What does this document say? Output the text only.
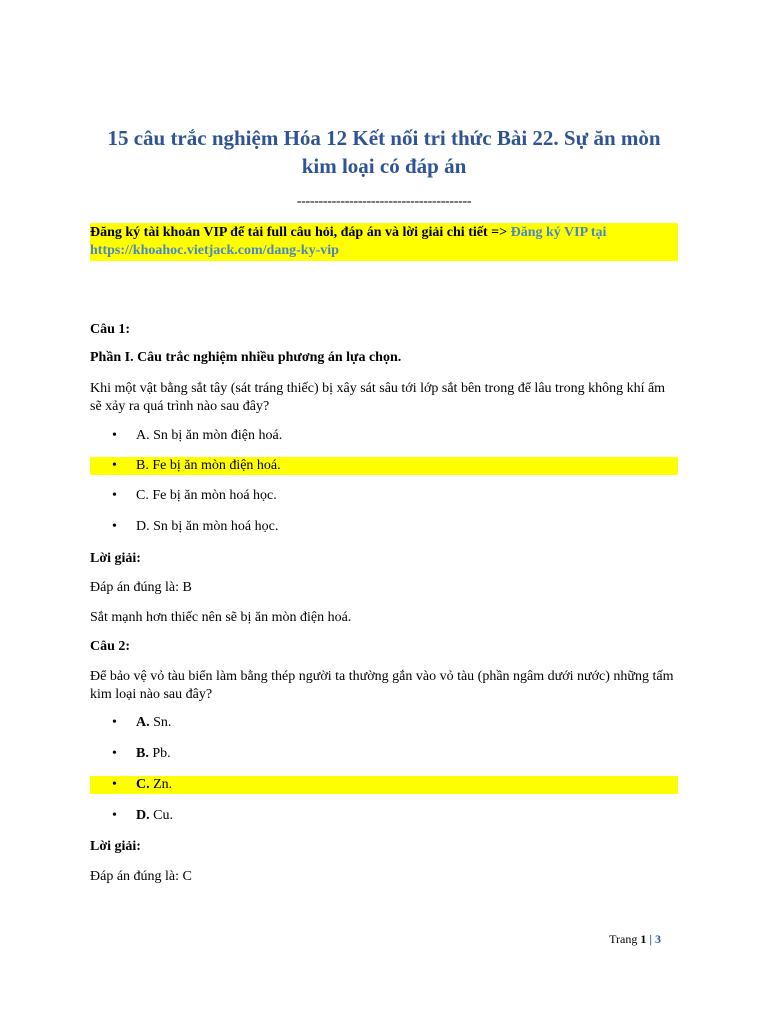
15 câu trắc nghiệm Hóa 12 Kết nối tri thức Bài 22. Sự ăn mòn kim loại có đáp án
----------------------------------------
Đăng ký tài khoản VIP để tải full câu hỏi, đáp án và lời giải chi tiết => Đăng ký VIP tại https://khoahoc.vietjack.com/dang-ky-vip
Câu 1:
Phần I. Câu trắc nghiệm nhiều phương án lựa chọn.
Khi một vật bằng sắt tây (sát tráng thiếc) bị xây sát sâu tới lớp sắt bên trong để lâu trong không khí ẩm sẽ xảy ra quá trình nào sau đây?
• A. Sn bị ăn mòn điện hoá.
• B. Fe bị ăn mòn điện hoá.
• C. Fe bị ăn mòn hoá học.
• D. Sn bị ăn mòn hoá học.
Lời giải:
Đáp án đúng là: B
Sắt mạnh hơn thiếc nên sẽ bị ăn mòn điện hoá.
Câu 2:
Để bảo vệ vỏ tàu biển làm bằng thép người ta thường gắn vào vỏ tàu (phần ngâm dưới nước) những tấm kim loại nào sau đây?
• A. Sn.
• B. Pb.
• C. Zn.
• D. Cu.
Lời giải:
Đáp án đúng là: C
Trang 1 | 3
